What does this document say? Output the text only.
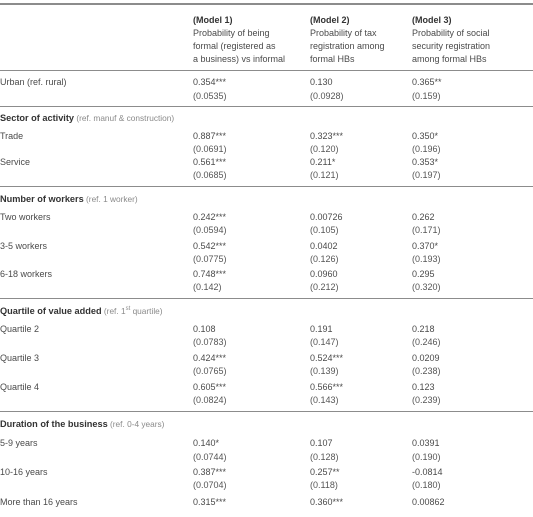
(Model 1)
Probability of being
formal (registered as
a business) vs informal
(Model 2)
Probability of tax
registration among
formal HBs
(Model 3)
Probability of social
security registration
among formal HBs
Urban (ref. rural)	0.354***	0.130	0.365**
(0.0535)	(0.0928)	(0.159)
Sector of activity (ref. manuf & construction)
Trade	0.887***	0.323***	0.350*
(0.0691)	(0.120)	(0.196)
Service	0.561***	0.211*	0.353*
(0.0685)	(0.121)	(0.197)
Number of workers (ref. 1 worker)
Two workers	0.242***	0.00726	0.262
(0.0594)	(0.105)	(0.171)
3-5 workers	0.542***	0.0402	0.370*
(0.0775)	(0.126)	(0.193)
6-18 workers	0.748***	0.0960	0.295
(0.142)	(0.212)	(0.320)
Quartile of value added (ref. 1st quartile)
Quartile 2	0.108	0.191	0.218
(0.0783)	(0.147)	(0.246)
Quartile 3	0.424***	0.524***	0.0209
(0.0765)	(0.139)	(0.238)
Quartile 4	0.605***	0.566***	0.123
(0.0824)	(0.143)	(0.239)
Duration of the business (ref. 0-4 years)
5-9 years	0.140*	0.107	0.0391
(0.0744)	(0.128)	(0.190)
10-16 years	0.387***	0.257**	-0.0814
(0.0704)	(0.118)	(0.180)
More than 16 years	0.315***	0.360***	0.00862
